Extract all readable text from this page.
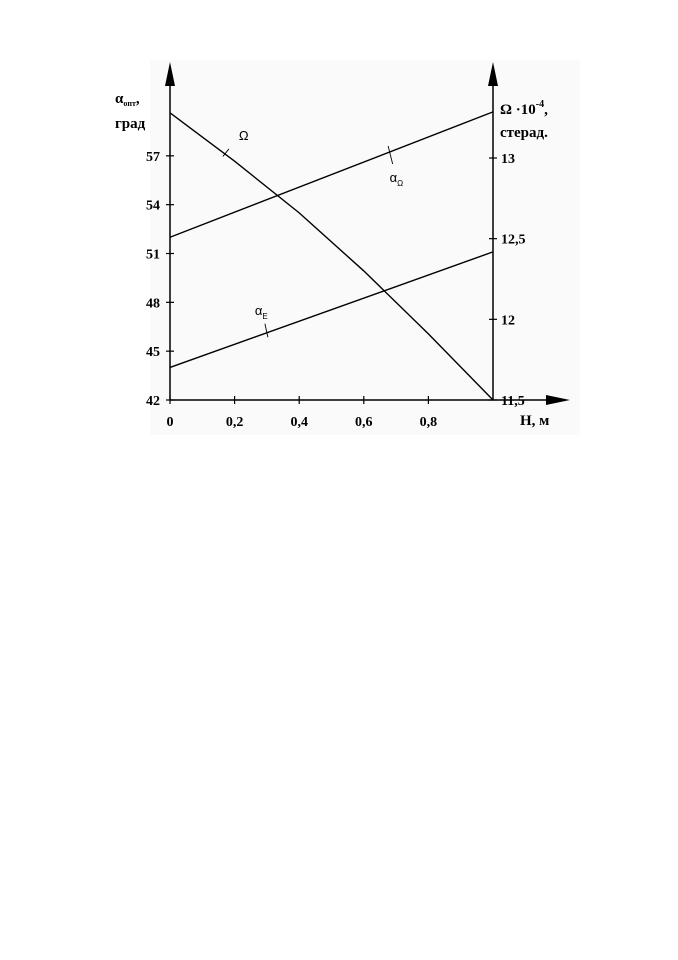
42
45
48
51
54
57
11,5
12
12,5
13
0	0,2	0,4	0,6	0,8
Ω
$\alpha_\Omega$
$\alpha_E$
$\alpha_{опт}$,
град
$\Omega \cdot 10^{-4}$,
стерад.
H, м
